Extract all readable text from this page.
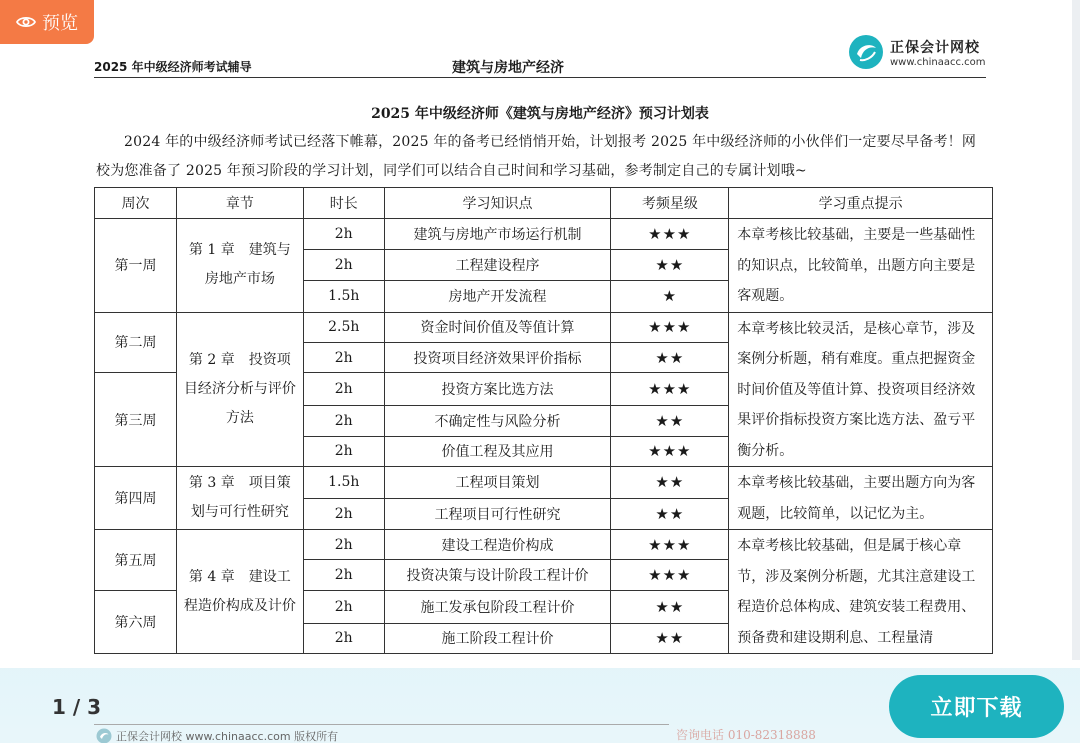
预览
2025 年中级经济师考试辅导	建筑与房地产经济
正保会计网校
www.chinaacc.com
2025 年中级经济师《建筑与房地产经济》预习计划表
2024 年的中级经济师考试已经落下帷幕，2025 年的备考已经悄悄开始，计划报考 2025 年中级经济师的小伙伴们一定要尽早备考！网校为您准备了 2025 年预习阶段的学习计划，同学们可以结合自己时间和学习基础，参考制定自己的专属计划哦~
周次	章节	时长	学习知识点	考频星级	学习重点提示
第一周	第 1 章　建筑与房地产市场	2h	建筑与房地产市场运行机制	★★★	本章考核比较基础，主要是一些基础性的知识点，比较简单，出题方向主要是客观题。
		2h	工程建设程序	★★	
		1.5h	房地产开发流程	★	
第二周	第 2 章　投资项目经济分析与评价方法	2.5h	资金时间价值及等值计算	★★★	本章考核比较灵活，是核心章节，涉及案例分析题，稍有难度。重点把握资金时间价值及等值计算、投资项目经济效果评价指标投资方案比选方法、盈亏平衡分析。
		2h	投资项目经济效果评价指标	★★	
第三周		2h	投资方案比选方法	★★★	
		2h	不确定性与风险分析	★★	
		2h	价值工程及其应用	★★★	
第四周	第 3 章　项目策划与可行性研究	1.5h	工程项目策划	★★	本章考核比较基础，主要出题方向为客观题，比较简单，以记忆为主。
		2h	工程项目可行性研究	★★	
第五周	第 4 章　建设工程造价构成及计价	2h	建设工程造价构成	★★★	本章考核比较基础，但是属于核心章节，涉及案例分析题，尤其注意建设工程造价总体构成、建筑安装工程费用、预备费和建设期利息、工程量清
		2h	投资决策与设计阶段工程计价	★★★	
第六周		2h	施工发承包阶段工程计价	★★	
		2h	施工阶段工程计价	★★	
1 / 3
正保会计网校 www.chinaacc.com 版权所有	咨询电话 010-82318888
立即下载
